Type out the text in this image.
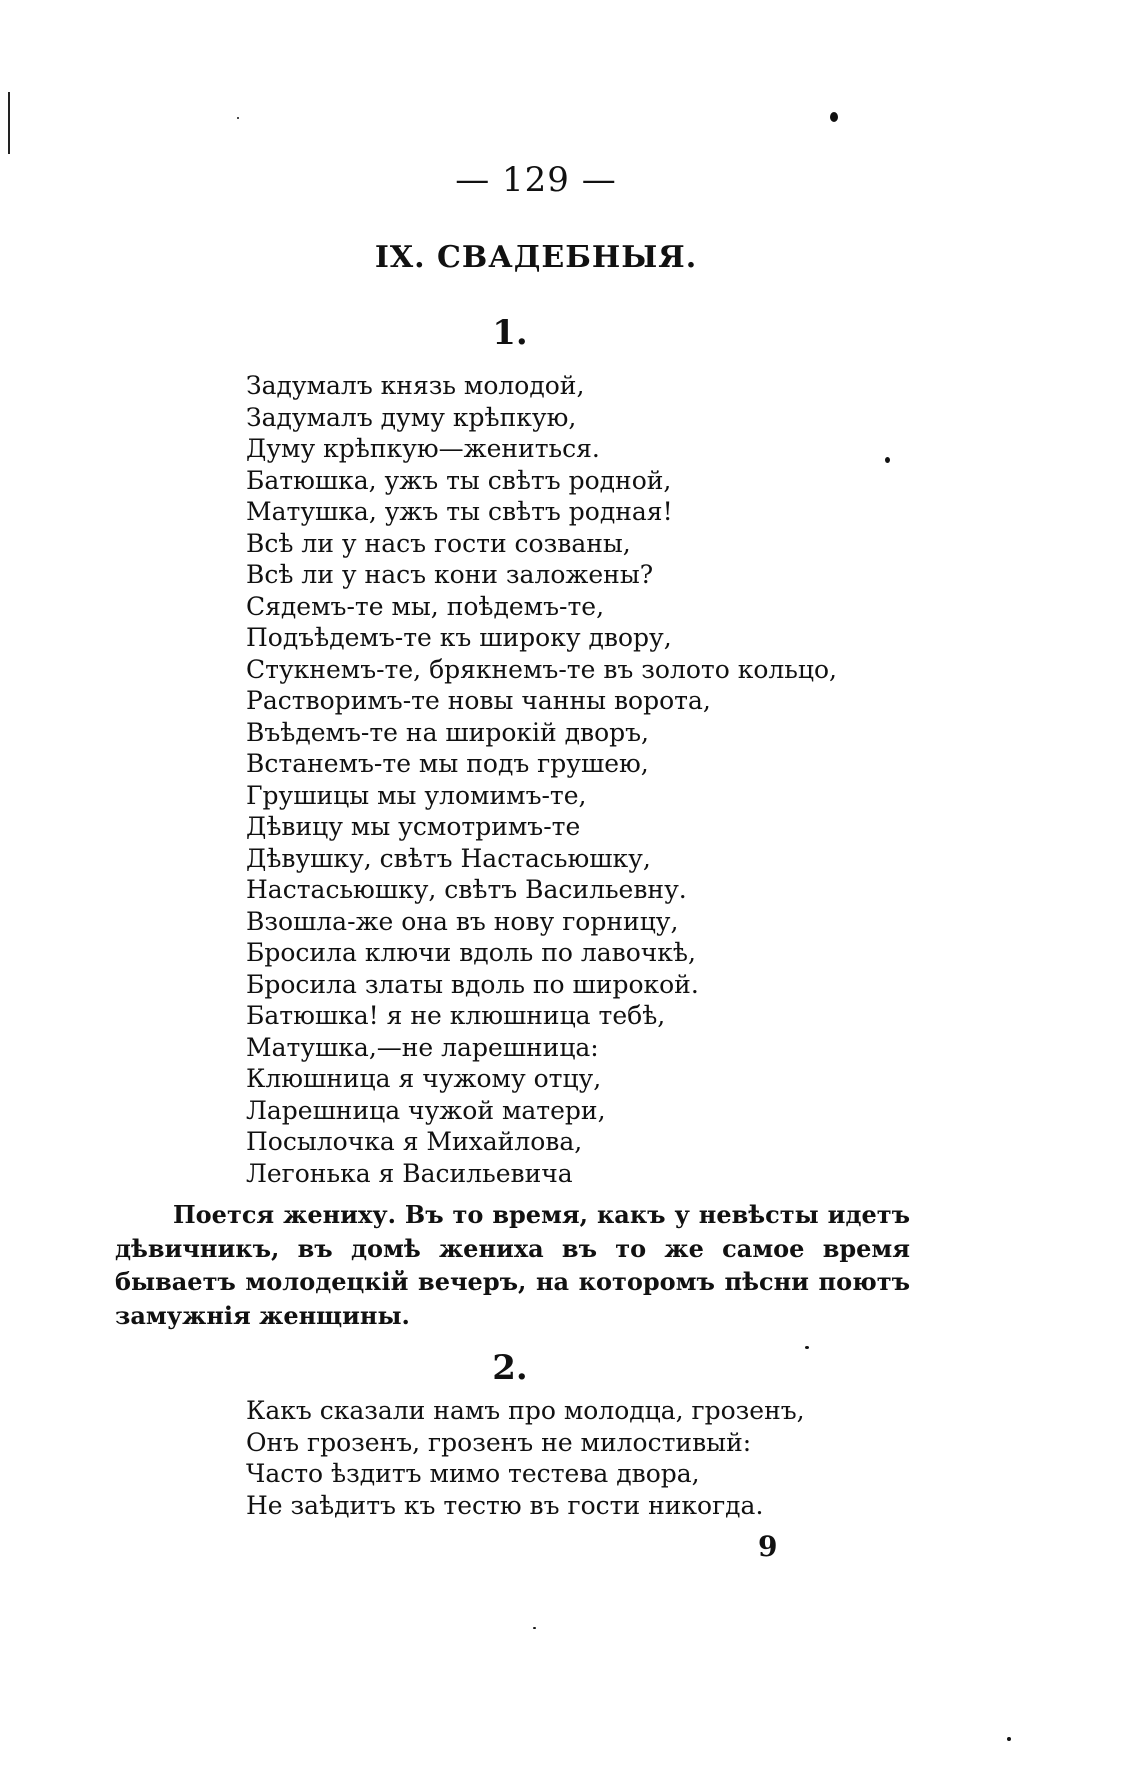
— 129 —
IX. СВАДЕБНЫЯ.
1.
Задумалъ князь молодой,
Задумалъ думу крѣпкую,
Думу крѣпкую—жениться.
Батюшка, ужъ ты свѣтъ родной,
Матушка, ужъ ты свѣтъ родная!
Всѣ ли у насъ гости созваны,
Всѣ ли у насъ кони заложены?
Сядемъ-те мы, поѣдемъ-те,
Подъѣдемъ-те къ широку двору,
Стукнемъ-те, брякнемъ-те въ золото кольцо,
Растворимъ-те новы чанны ворота,
Въѣдемъ-те на широкій дворъ,
Встанемъ-те мы подъ грушею,
Грушицы мы уломимъ-те,
Дѣвицу мы усмотримъ-те
Дѣвушку, свѣтъ Настасьюшку,
Настасьюшку, свѣтъ Васильевну.
Взошла-же она въ нову горницу,
Бросила ключи вдоль по лавочкѣ,
Бросила златы вдоль по широкой.
Батюшка! я не клюшница тебѣ,
Матушка,—не ларешница:
Клюшница я чужому отцу,
Ларешница чужой матери,
Посылочка я Михайлова,
Легонька я Васильевича

Поется жениху. Въ то время, какъ у невѣсты идетъ дѣвичникъ, въ домѣ жениха въ то же самое время бываетъ молодецкій вечеръ, на которомъ пѣсни поютъ замужнія женщины.

2.
Какъ сказали намъ про молодца, грозенъ,
Онъ грозенъ, грозенъ не милостивый:
Часто ѣздитъ мимо тестева двора,
Не заѣдитъ къ тестю въ гости никогда.
9
